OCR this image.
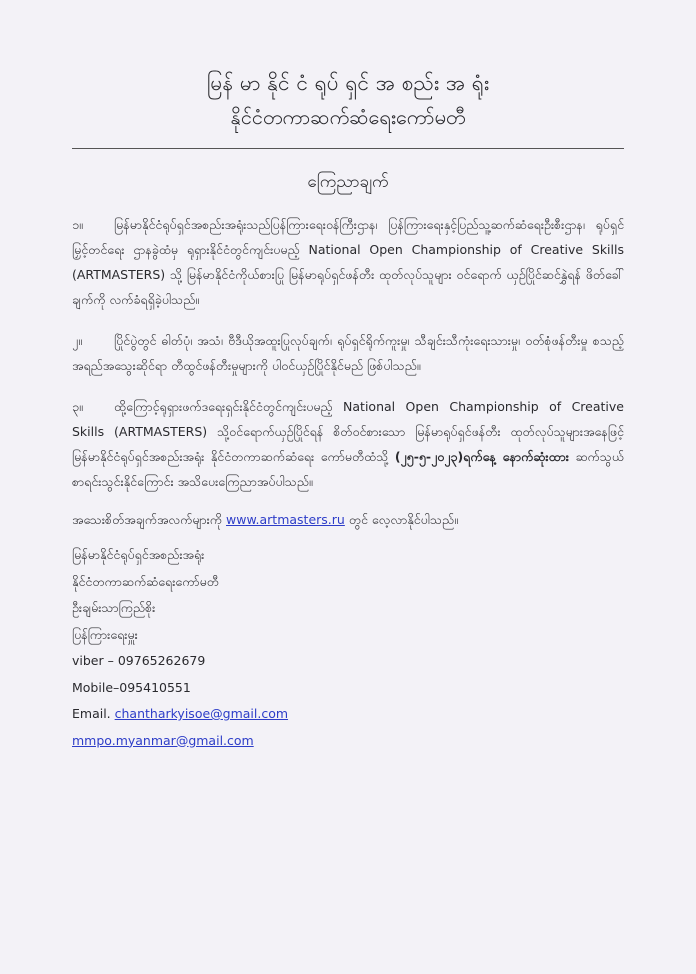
မြန် မာ နိုင် ငံ ရုပ် ရှင် အ စည်း အ ရုံး
နိုင်ငံတကာဆက်ဆံရေးကော်မတီ
ကြေညာချက်

၁။ မြန်မာနိုင်ငံရုပ်ရှင်အစည်းအရုံးသည်ပြန်ကြားရေးဝန်ကြီးဌာန၊ ပြန်ကြားရေးနှင့်ပြည်သူ့ဆက်ဆံရေးဦးစီးဌာန၊ ရုပ်ရှင်မြှင့်တင်ရေး ဌာနခွဲထံမှ ရုရှားနိုင်ငံတွင်ကျင်းပမည့် National Open Championship of Creative Skills (ARTMASTERS) သို့ မြန်မာနိုင်ငံကိုယ်စားပြု မြန်မာရုပ်ရှင်ဖန်တီး ထုတ်လုပ်သူများ ဝင်ရောက် ယှဉ်ပြိုင်ဆင်နွှဲရန် ဖိတ်ခေါ်ချက်ကို လက်ခံရရှိခဲ့ပါသည်။

၂။	ပြိုင်ပွဲတွင် ဓါတ်ပုံ၊ အသံ၊ ဗီဒီယိုအထူးပြုလုပ်ချက်၊ ရုပ်ရှင်ရိုက်ကူးမှု၊ သီချင်းသီကုံးရေးသားမှု၊ ဝတ်စုံဖန်တီးမှု စသည့် အရည်အသွေးဆိုင်ရာ တီထွင်ဖန်တီးမှုများကို ပါဝင်ယှဉ်ပြိုင်နိုင်မည် ဖြစ်ပါသည်။

၃။ ထို့ကြောင့်ရုရှားဖက်ဒရေးရှင်းနိုင်ငံတွင်ကျင်းပမည့် National Open Championship of Creative Skills (ARTMASTERS) သို့ဝင်ရောက်ယှဉ်ပြိုင်ရန် စိတ်ဝင်စားသော မြန်မာရုပ်ရှင်ဖန်တီး ထုတ်လုပ်သူများအနေဖြင့် မြန်မာနိုင်ငံရုပ်ရှင်အစည်းအရုံး နိုင်ငံတကာဆက်ဆံရေး ကော်မတီထံသို့ (၂၅-၅-၂၀၂၃)ရက်နေ့ နောက်ဆုံးထား ဆက်သွယ်စာရင်းသွင်းနိုင်ကြောင်း အသိပေးကြေညာအပ်ပါသည်။

အသေးစိတ်အချက်အလက်များကို www.artmasters.ru တွင် လေ့လာနိုင်ပါသည်။

မြန်မာနိုင်ငံရုပ်ရှင်အစည်းအရုံး
နိုင်ငံတကာဆက်ဆံရေးကော်မတီ
ဦးချမ်းသာကြည်စိုး
ပြန်ကြားရေးမှူး
viber – 09765262679
Mobile–095410551
Email. chantharkyisoe@gmail.com
mmpo.myanmar@gmail.com
